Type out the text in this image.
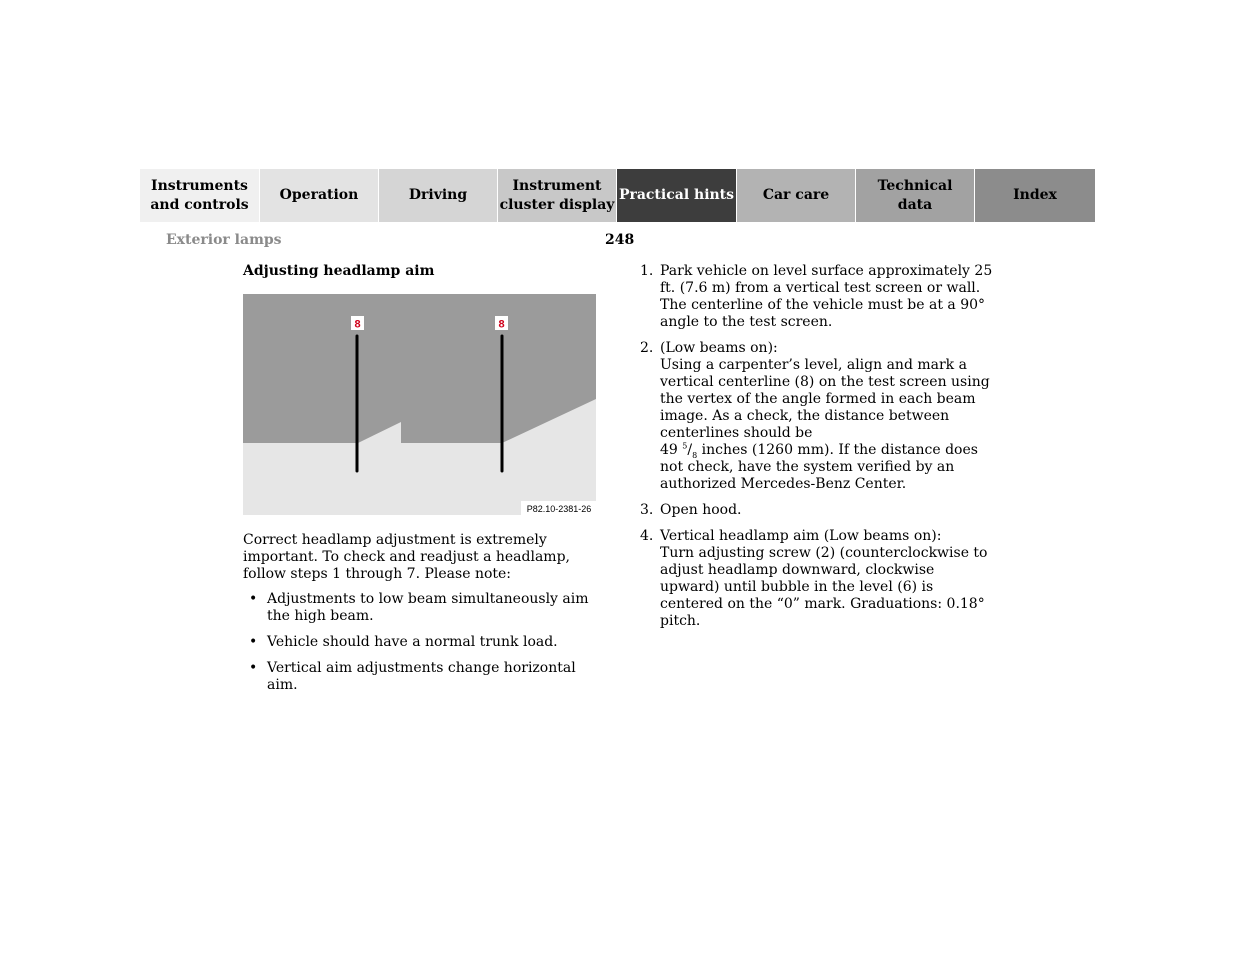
Instruments
and controls
Operation	Driving
Instrument
cluster display
Practical hints	Car care
Technical
data
Index
Exterior lamps	248
Adjusting headlamp aim
8	8
P82.10-2381-26

Correct headlamp adjustment is extremely important. To check and readjust a headlamp, follow steps 1 through 7. Please note:

• Adjustments to low beam simultaneously aim the high beam.
• Vehicle should have a normal trunk load.
• Vertical aim adjustments change horizontal aim.
1. Park vehicle on level surface approximately 25 ft. (7.6 m) from a vertical test screen or wall. The centerline of the vehicle must be at a 90° angle to the test screen.
2. (Low beams on):
Using a carpenter’s level, align and mark a vertical centerline (8) on the test screen using the vertex of the angle formed in each beam image. As a check, the distance between centerlines should be
49 $^5/_8$ inches (1260 mm). If the distance does not check, have the system verified by an authorized Mercedes-Benz Center.
3. Open hood.
4. Vertical headlamp aim (Low beams on):
Turn adjusting screw (2) (counterclockwise to adjust headlamp downward, clockwise upward) until bubble in the level (6) is centered on the “0” mark. Graduations: 0.18° pitch.
